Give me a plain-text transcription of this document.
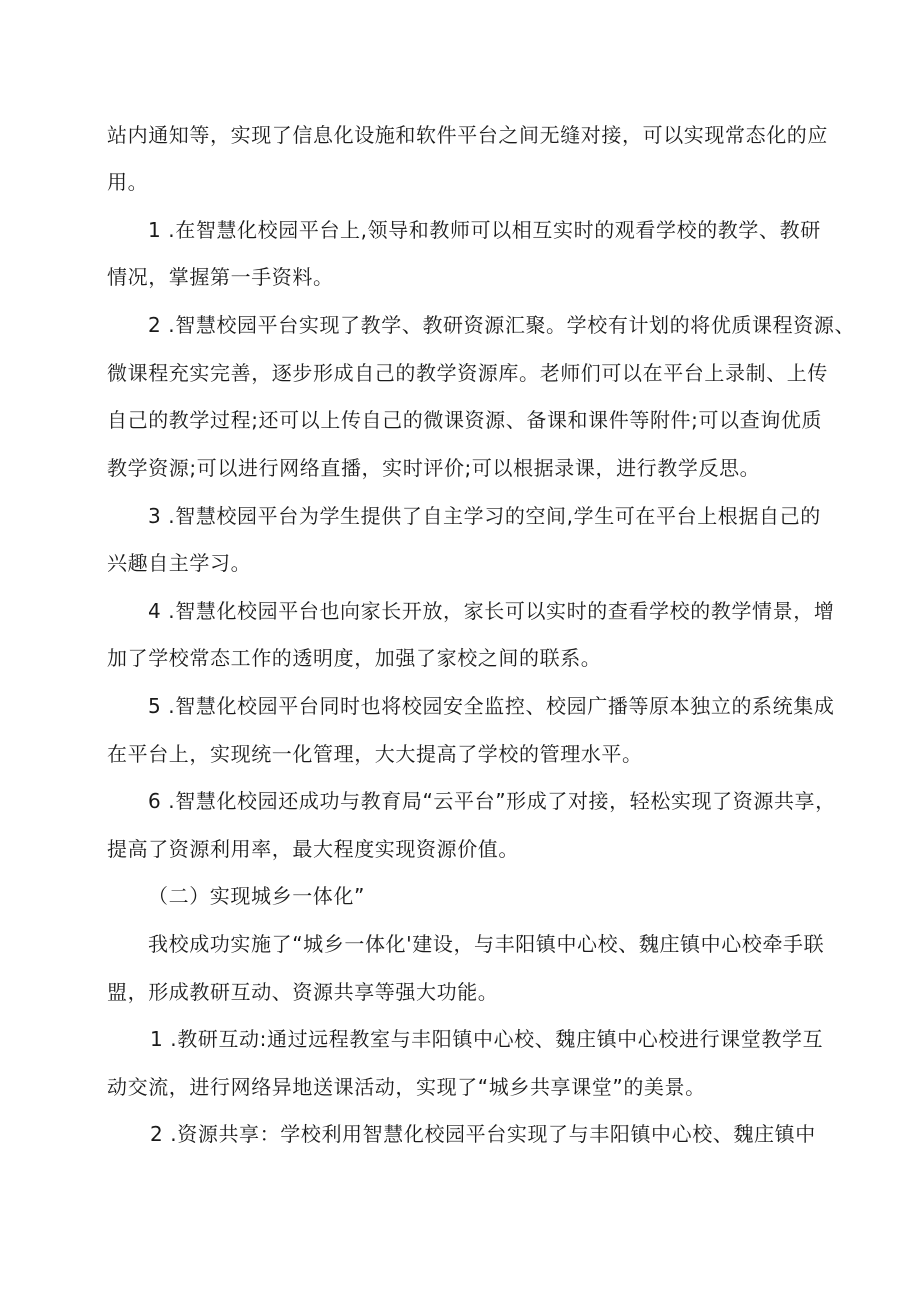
站内通知等，实现了信息化设施和软件平台之间无缝对接，可以实现常态化的应
用。
1 .在智慧化校园平台上,领导和教师可以相互实时的观看学校的教学、教研
情况，掌握第一手资料。
2 .智慧校园平台实现了教学、教研资源汇聚。学校有计划的将优质课程资源、
微课程充实完善，逐步形成自己的教学资源库。老师们可以在平台上录制、上传
自己的教学过程;还可以上传自己的微课资源、备课和课件等附件;可以查询优质
教学资源;可以进行网络直播，实时评价;可以根据录课，进行教学反思。
3 .智慧校园平台为学生提供了自主学习的空间,学生可在平台上根据自己的
兴趣自主学习。
4 .智慧化校园平台也向家长开放，家长可以实时的查看学校的教学情景，增
加了学校常态工作的透明度，加强了家校之间的联系。
5 .智慧化校园平台同时也将校园安全监控、校园广播等原本独立的系统集成
在平台上，实现统一化管理，大大提高了学校的管理水平。
6 .智慧化校园还成功与教育局“云平台”形成了对接，轻松实现了资源共享，
提高了资源利用率，最大程度实现资源价值。
（二）实现城乡一体化”
我校成功实施了“城乡一体化'建设，与丰阳镇中心校、魏庄镇中心校牵手联
盟，形成教研互动、资源共享等强大功能。
1 .教研互动:通过远程教室与丰阳镇中心校、魏庄镇中心校进行课堂教学互
动交流，进行网络异地送课活动，实现了“城乡共享课堂”的美景。
2 .资源共享：学校利用智慧化校园平台实现了与丰阳镇中心校、魏庄镇中
